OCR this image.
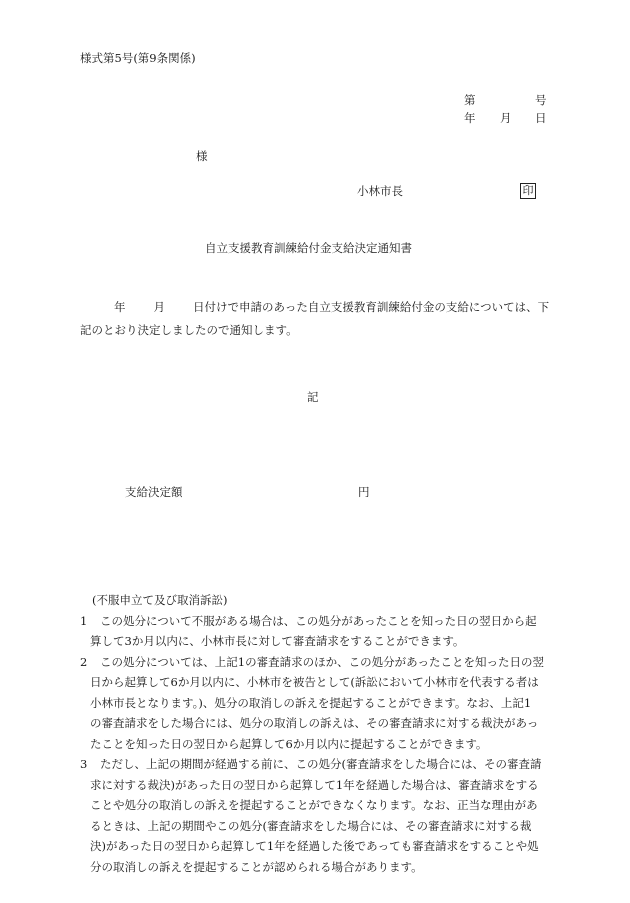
様式第5号(第9条関係)
第	号
年 月 日
様
小林市長	印
自立支援教育訓練給付金支給決定通知書
年 月 日付けで申請のあった自立支援教育訓練給付金の支給については、下
記のとおり決定しましたので通知します。
記
支給決定額	円
(不服申立て及び取消訴訟)
1	この処分について不服がある場合は、この処分があったことを知った日の翌日から起
算して3か月以内に、小林市長に対して審査請求をすることができます。
2	この処分については、上記1の審査請求のほか、この処分があったことを知った日の翌
日から起算して6か月以内に、小林市を被告として(訴訟において小林市を代表する者は
小林市長となります。)、処分の取消しの訴えを提起することができます。なお、上記1
の審査請求をした場合には、処分の取消しの訴えは、その審査請求に対する裁決があっ
たことを知った日の翌日から起算して6か月以内に提起することができます。
3	ただし、上記の期間が経過する前に、この処分(審査請求をした場合には、その審査請
求に対する裁決)があった日の翌日から起算して1年を経過した場合は、審査請求をする
ことや処分の取消しの訴えを提起することができなくなります。なお、正当な理由があ
るときは、上記の期間やこの処分(審査請求をした場合には、その審査請求に対する裁
決)があった日の翌日から起算して1年を経過した後であっても審査請求をすることや処
分の取消しの訴えを提起することが認められる場合があります。
